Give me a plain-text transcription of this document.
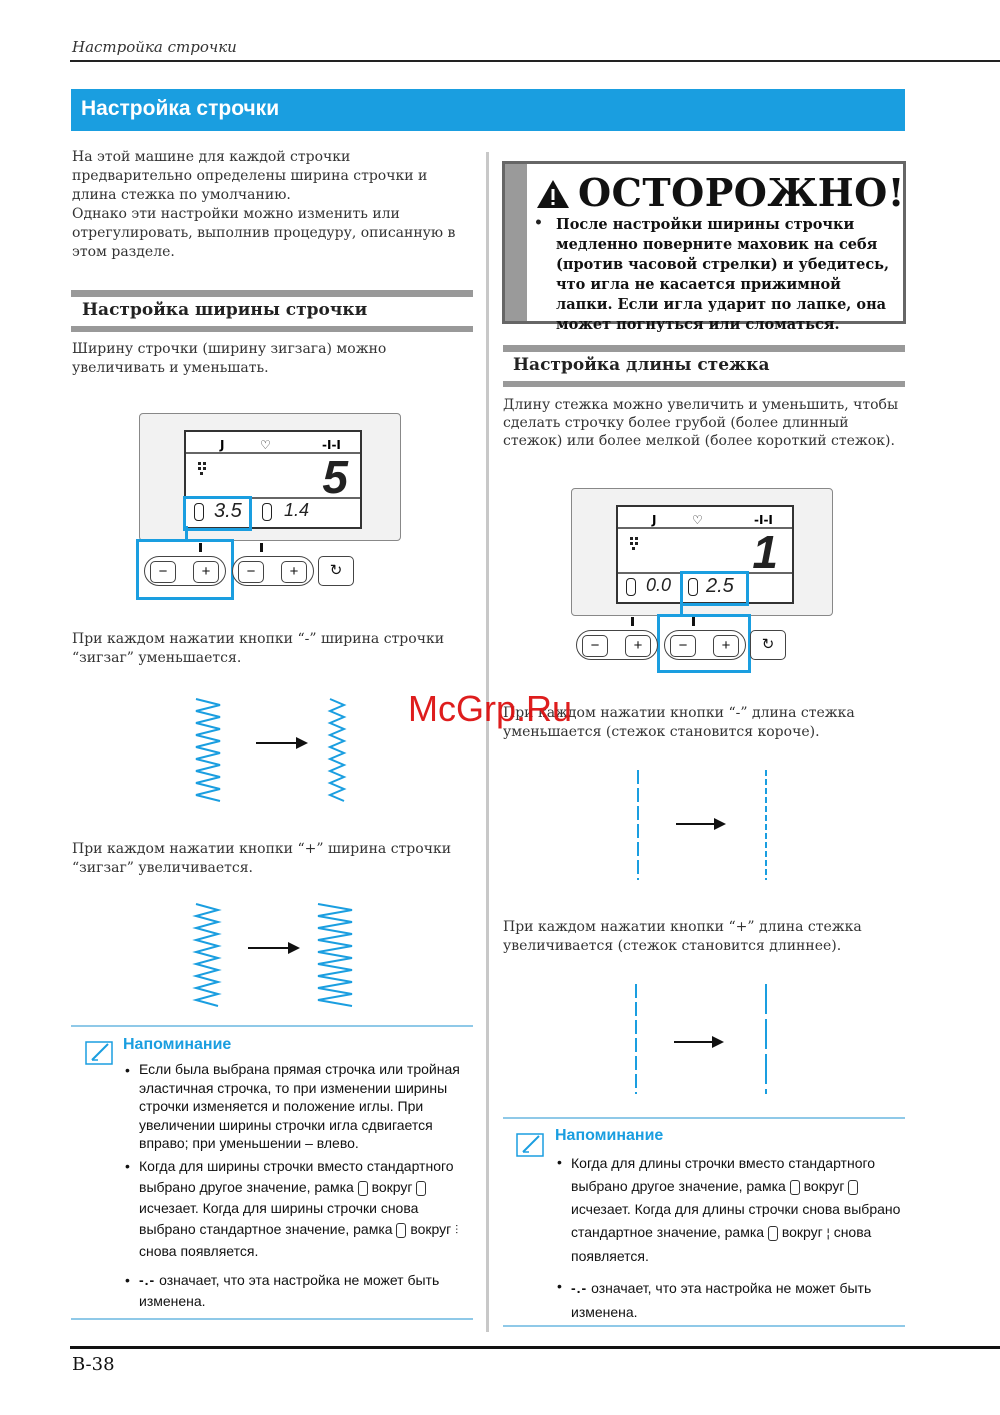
Настройка строчки
Настройка строчки
На этой машине для каждой строчки предварительно определены ширина строчки и длина стежка по умолчанию.
Однако эти настройки можно изменить или отрегулировать, выполнив процедуру, описанную в этом разделе.
Настройка ширины строчки
Ширину строчки (ширину зигзага) можно увеличивать и уменьшать.
J	♡	-I-I
5
3.5 1.4
−	+	−	+	↻
При каждом нажатии кнопки “-” ширина строчки “зигзаг” уменьшается.
При каждом нажатии кнопки “+” ширина строчки “зигзаг” увеличивается.
Напоминание
• Если была выбрана прямая строчка или тройная эластичная строчка, то при изменении ширины строчки изменяется и положение иглы. При увеличении ширины строчки игла сдвигается вправо; при уменьшении – влево.
• Когда для ширины строчки вместо стандартного выбрано другое значение, рамка вокруг  исчезает. Когда для ширины строчки снова выбрано стандартное значение, рамка вокруг ⫶ снова появляется.
• -.- означает, что эта настройка не может быть изменена.
ОСТОРОЖНО!
• После настройки ширины строчки медленно поверните маховик на себя (против часовой стрелки) и убедитесь, что игла не касается прижимной лапки. Если игла ударит по лапке, она может погнуться или сломаться.
Настройка длины стежка
Длину стежка можно увеличить и уменьшить, чтобы сделать строчку более грубой (более длинный стежок) или более мелкой (более короткий стежок).
J	♡	-I-I
1
0.0 2.5
−	+	−	+	↻
При каждом нажатии кнопки “-” длина стежка уменьшается (стежок становится короче).
При каждом нажатии кнопки “+” длина стежка увеличивается (стежок становится длиннее).
Напоминание
• Когда для длины строчки вместо стандартного выбрано другое значение, рамка вокруг  исчезает. Когда для длины строчки снова выбрано стандартное значение, рамка вокруг ¦ снова появляется.
• -.- означает, что эта настройка не может быть изменена.
McGrp.Ru
B-38
